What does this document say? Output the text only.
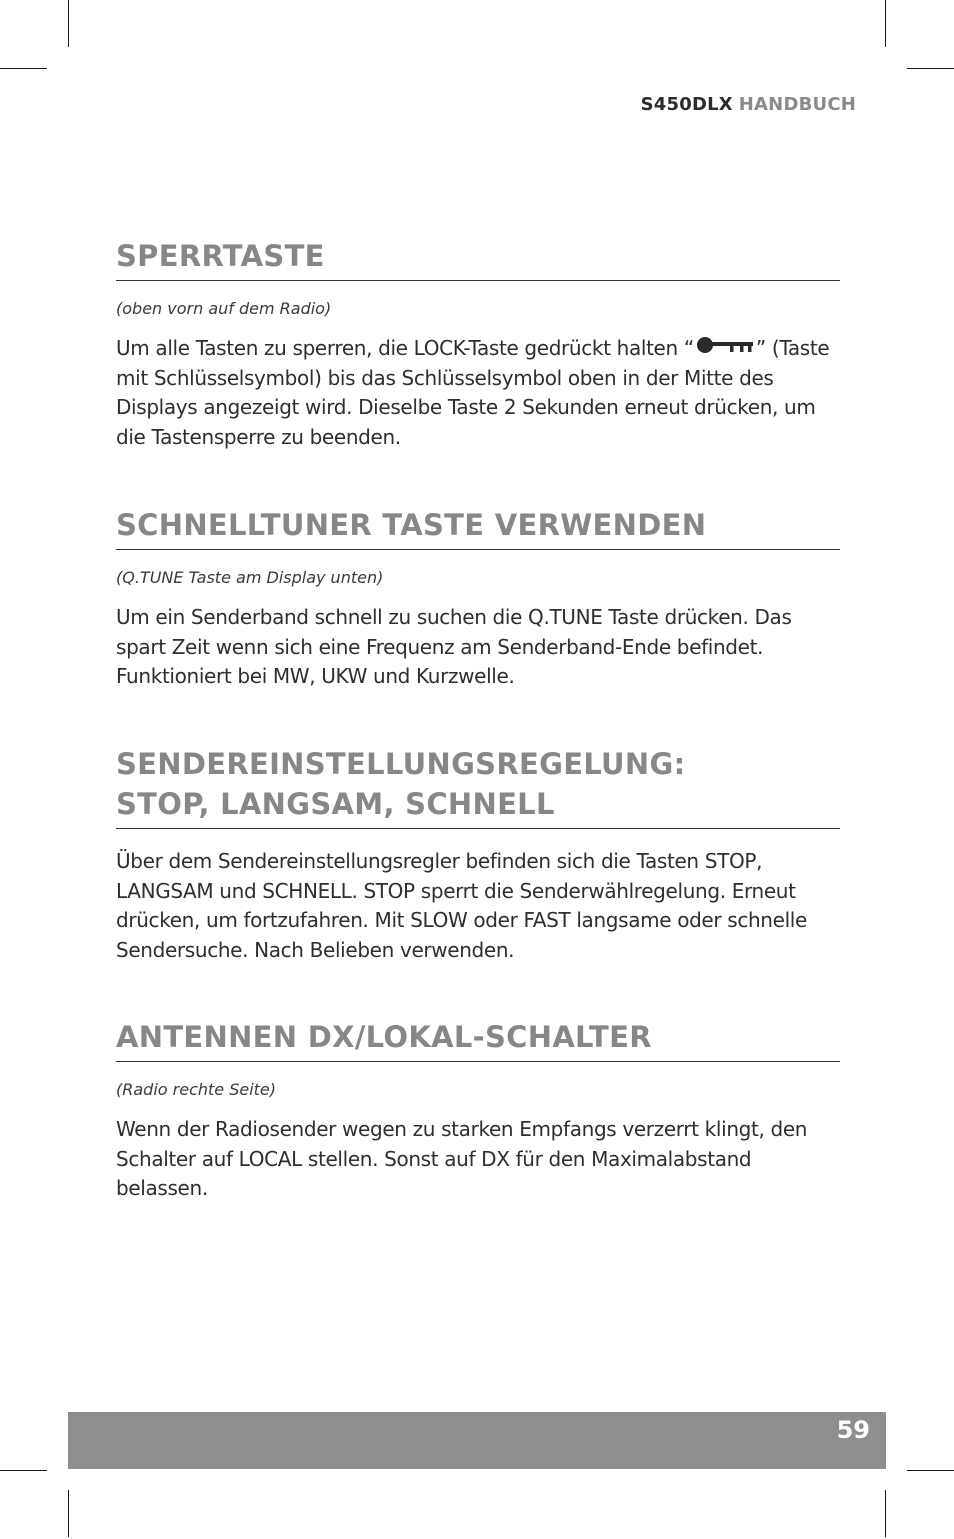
S450DLX HANDBUCH
SPERRTASTE
(oben vorn auf dem Radio)
Um alle Tasten zu sperren, die LOCK-Taste gedrückt halten “	” (Taste mit Schlüsselsymbol) bis das Schlüsselsymbol oben in der Mitte des Displays angezeigt wird. Dieselbe Taste 2 Sekunden erneut drücken, um die Tastensperre zu beenden.
SCHNELLTUNER TASTE VERWENDEN
(Q.TUNE Taste am Display unten)
Um ein Senderband schnell zu suchen die Q.TUNE Taste drücken. Das spart Zeit wenn sich eine Frequenz am Senderband-Ende befindet. Funktioniert bei MW, UKW und Kurzwelle.
SENDEREINSTELLUNGSREGELUNG:
STOP, LANGSAM, SCHNELL
Über dem Sendereinstellungsregler befinden sich die Tasten STOP, LANGSAM und SCHNELL. STOP sperrt die Senderwählregelung. Erneut drücken, um fortzufahren. Mit SLOW oder FAST langsame oder schnelle Sendersuche. Nach Belieben verwenden.
ANTENNEN DX/LOKAL-SCHALTER
(Radio rechte Seite)
Wenn der Radiosender wegen zu starken Empfangs verzerrt klingt, den Schalter auf LOCAL stellen. Sonst auf DX für den Maximalabstand belassen.
59
